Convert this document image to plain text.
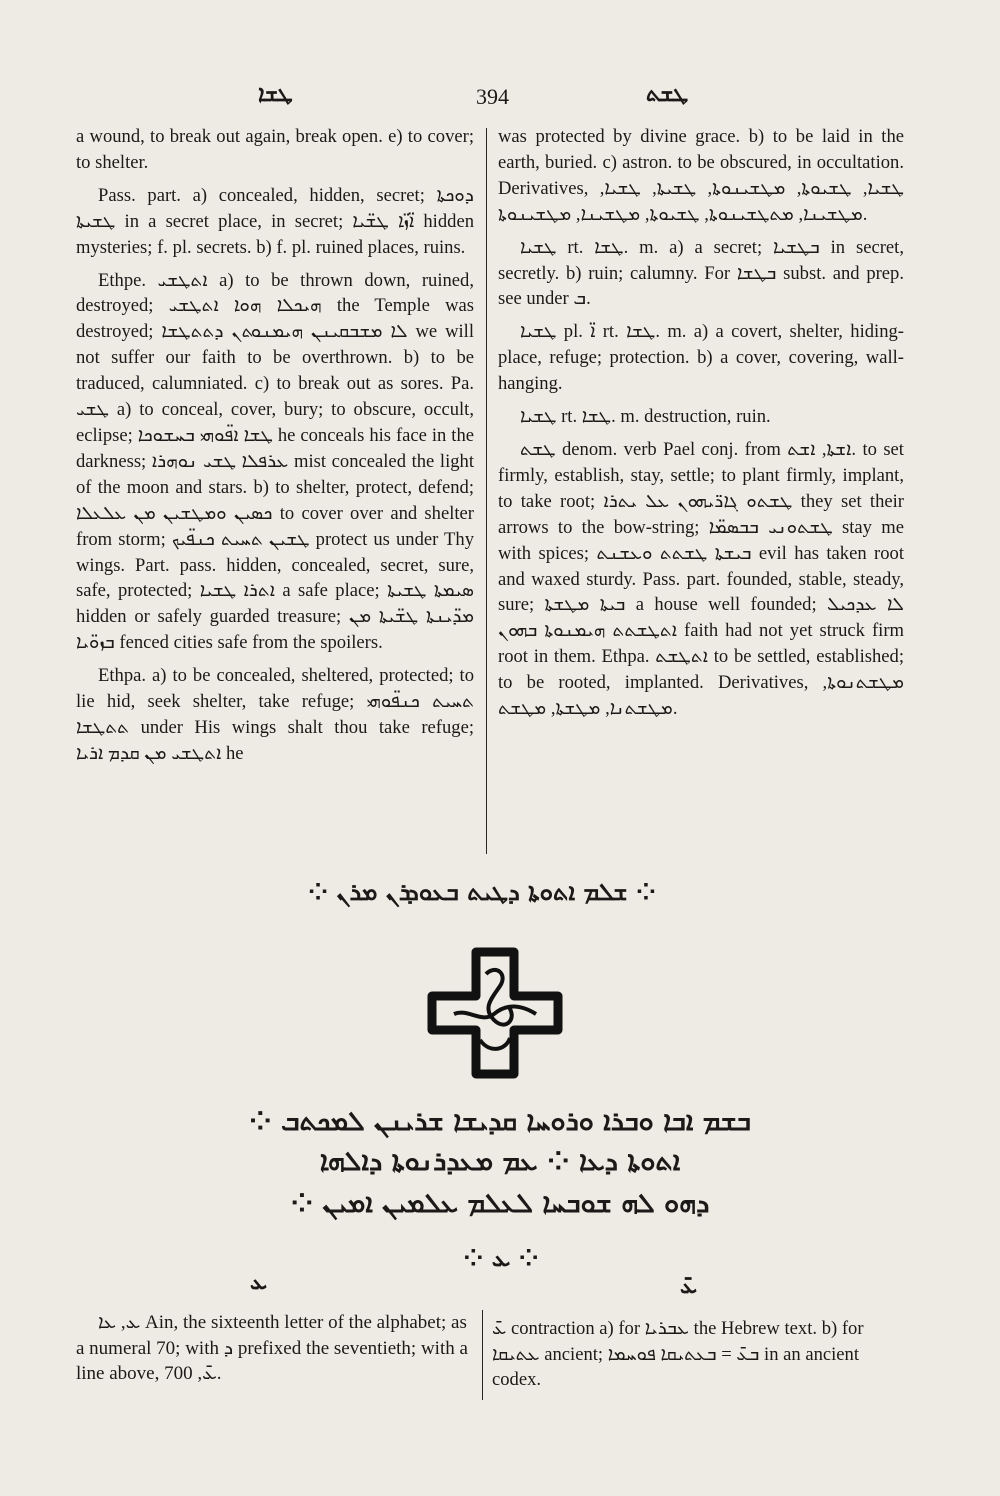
ܛܫܐ	394	ܛܫܬ

a wound, to break out again, break open. e) to cover; to shelter.

Pass. part. a) concealed, hidden, secret; ܕܘܟܬܐ ܛܫܝܬܐ in a secret place, in secret; ܐ̈ܙ̈ܐ ܛܫ̈ܝܐ hidden mysteries; f. pl. secrets. b) f. pl. ruined places, ruins.

Ethpe. ܐܬܛܫܝ a) to be thrown down, ruined, destroyed; ܗܝܟܠܐ ܗܘܐ ܐܬܛܫܝ the Temple was destroyed; ܠܐ ܡܫܒܩܝܢܢ ܗܝܡܢܘܬܢ ܕܬܬܛܫܐ we will not suffer our faith to be overthrown. b) to be traduced, calumniated. c) to break out as sores. Pa. ܛܫܝ a) to conceal, cover, bury; to obscure, occult, eclipse; ܛܫܐ ܐܦ̈ܘܗܝ ܒܚܫܘܟܐ he conceals his face in the darkness; ܥܪܦܠܐ ܛܫܝ ܢܘܗܪܐ mist concealed the light of the moon and stars. b) to shelter, protect, defend; ܟܣܝܢ ܘܡܛܫܝܢ ܡܢ ܥܠܥܠܐ to cover over and shelter from storm; ܛܫܝܢ ܬܚܝܬ ܟܢܦ̈ܝܟ protect us under Thy wings. Part. pass. hidden, concealed, secret, sure, safe, protected; ܐܬܪܐ ܛܫܝܐ a safe place; ܣܝܡܬܐ ܛܫܝܬܐ hidden or safely guarded treasure; ܡܕ̈ܝܢܬܐ ܛܫ̈ܝܬܐ ܡܢ ܒܙܘ̈ܝܐ fenced cities safe from the spoilers.

Ethpa. a) to be concealed, sheltered, protected; to lie hid, seek shelter, take refuge; ܬܚܝܬ ܟܢܦ̈ܘܗܝ ܬܬܛܫܐ under His wings shalt thou take refuge; ܐܬܛܫܝ ܡܢ ܩܕܡ ܐܪܝܐ he

was protected by divine grace. b) to be laid in the earth, buried. c) astron. to be obscured, in occultation. Derivatives, ܛܫܝܐ, ܛܫܝܘܬܐ, ܡܛܫܝܢܘܬܐ, ܛܫܝܬܐ, ܛܫܝܐ, ܡܛܫܝܢܐ, ܡܬܛܫܝܢܘܬܐ, ܛܫܝܘܬܐ, ܡܛܫܝܢܐ, ܡܛܫܝܢܘܬܐ.

ܛܫܝܐ rt. ܛܫܐ. m. a) a secret; ܒܛܫܝܐ in secret, secretly. b) ruin; calumny. For ܒܛܫܐ subst. and prep. see under ܒ.

ܛܫܝܐ pl. ܐ̈ rt. ܛܫܐ. m. a) a covert, shelter, hiding-place, refuge; protection. b) a cover, covering, wall-hanging.

ܛܫܝܐ rt. ܛܫܐ. m. destruction, ruin.

ܛܫܬ denom. verb Pael conj. from ܐܫܬܐ, ܐܫܬ. to set firmly, establish, stay, settle; to plant firmly, implant, to take root; ܛܫܬܘ ܓܐܪ̈ܝܗܘܢ ܥܠ ܝܬܪܐ they set their arrows to the bow-string; ܛܫܬܘܢܝ ܒܒܣܡ̈ܐ stay me with spices; ܒܝܫܬܐ ܛܫܬܬ ܘܥܫܢܬ evil has taken root and waxed sturdy. Pass. part. founded, stable, steady, sure; ܒܝܬܐ ܡܛܫܬܐ a house well founded; ܠܐ ܥܕܟܝܠ ܐܬܛܫܬܬ ܗܝܡܢܘܬܐ ܒܗܘܢ faith had not yet struck firm root in them. Ethpa. ܐܬܛܫܬ to be settled, established; to be rooted, implanted. Derivatives, ܡܛܫܬܢܘܬܐ, ܡܛܫܬܢܐ, ܡܛܫܬܐ, ܡܛܫܬ.

⁘ ܫܠܡ ܐܬܘܬܐ ܕܛܝܬ ܒܥܘܕܪܢ ܡܪܢ ⁘
⁘ ܒܫܡ ܐܒܐ ܘܒܪܐ ܘܪܘܚܐ ܩܕܝܫܐ ܫܪܝܢܢ ܠܡܟܬܒ
ܐܬܘܬܐ ܕܥܐ ⁘ ܥܡ ܡܥܕܪܢܘܬܐ ܕܐܠܗܐ
⁘ ܕܗܘ ܠܗ ܫܘܒܚܐ ܠܥܠܡ ܥܠܡܝܢ ܐܡܝܢ
⁘ ܥ ⁘
ܥ	ܥ̄

ܥ, ܥܐ Ain, the sixteenth letter of the alphabet; as a numeral 70; with ܕ prefixed the seventieth; with a line above, ܥ̄, 700.

ܥ̄ contraction a) for ܥܒܪܝܐ the Hebrew text. b) for ܥܬܝܩܐ ancient; ܒܥ̄ = ܒܥܬܝܩܐ ܦܘܚܡܐ in an ancient codex.
